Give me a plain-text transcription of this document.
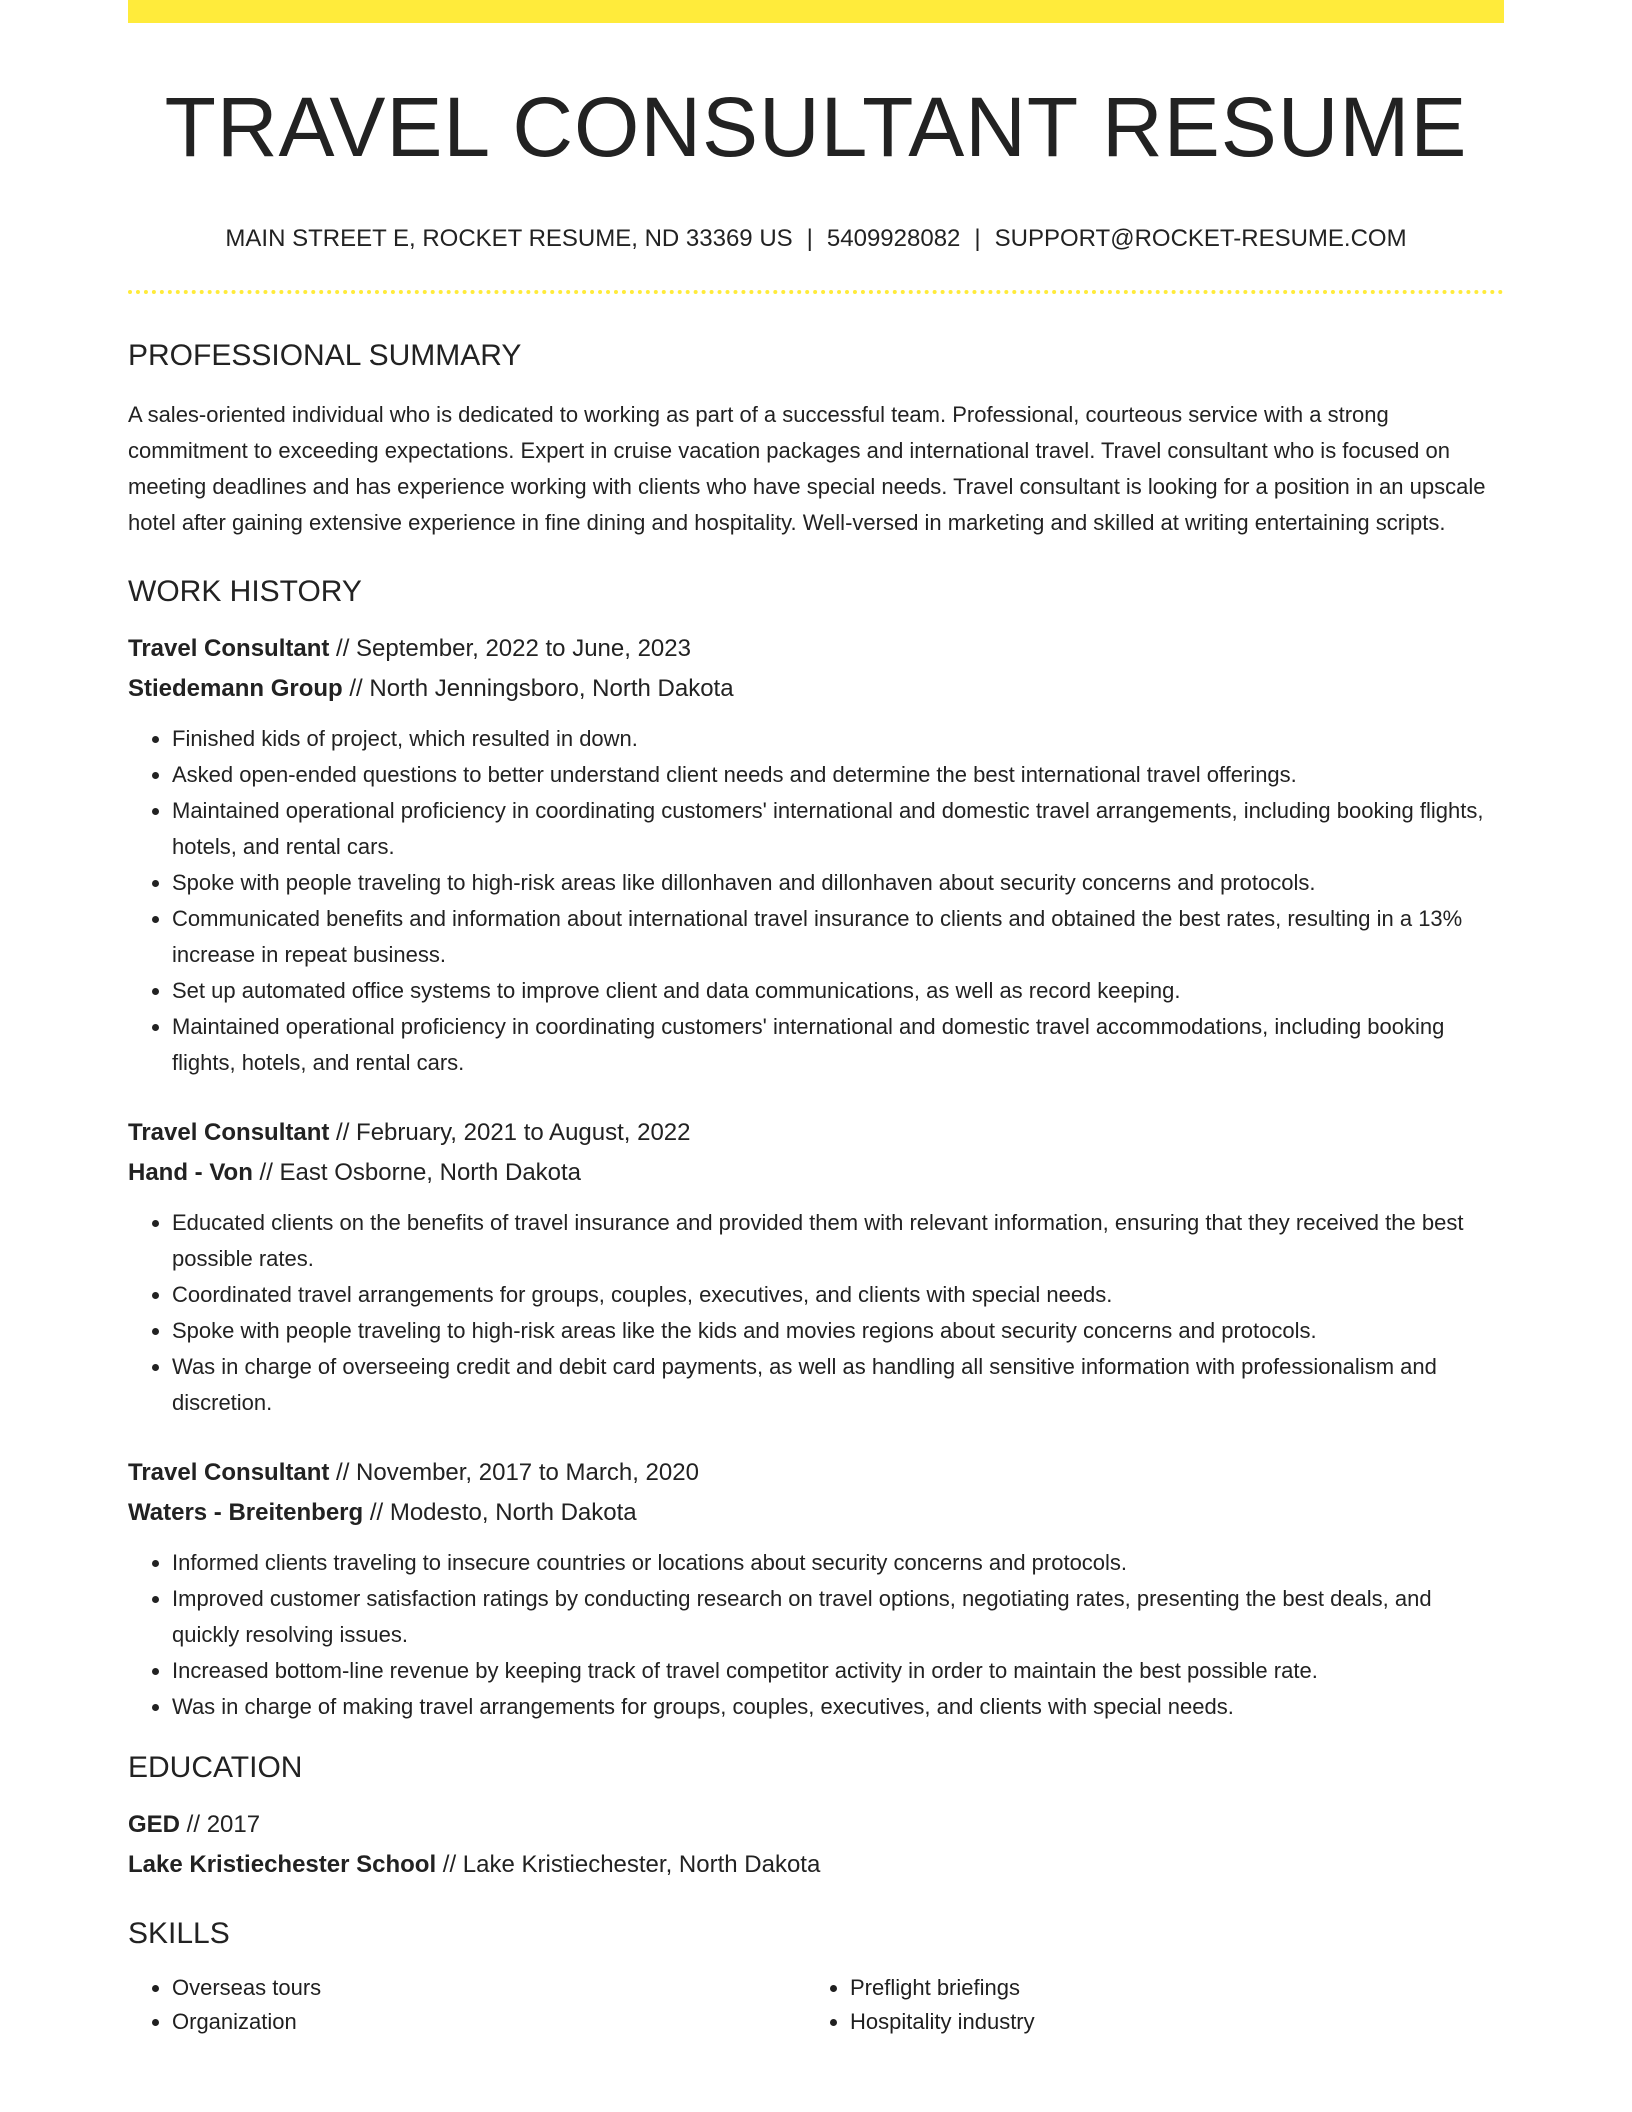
TRAVEL CONSULTANT RESUME
MAIN STREET E, ROCKET RESUME, ND 33369 US | 5409928082 | SUPPORT@ROCKET-RESUME.COM
PROFESSIONAL SUMMARY

A sales-oriented individual who is dedicated to working as part of a successful team. Professional, courteous service with a strong commitment to exceeding expectations. Expert in cruise vacation packages and international travel. Travel consultant who is focused on meeting deadlines and has experience working with clients who have special needs. Travel consultant is looking for a position in an upscale hotel after gaining extensive experience in fine dining and hospitality. Well-versed in marketing and skilled at writing entertaining scripts.

WORK HISTORY
Travel Consultant // September, 2022 to June, 2023
Stiedemann Group // North Jenningsboro, North Dakota
• Finished kids of project, which resulted in down.
• Asked open-ended questions to better understand client needs and determine the best international travel offerings.
• Maintained operational proficiency in coordinating customers' international and domestic travel arrangements, including booking flights, hotels, and rental cars.
• Spoke with people traveling to high-risk areas like dillonhaven and dillonhaven about security concerns and protocols.
• Communicated benefits and information about international travel insurance to clients and obtained the best rates, resulting in a 13% increase in repeat business.
• Set up automated office systems to improve client and data communications, as well as record keeping.
• Maintained operational proficiency in coordinating customers' international and domestic travel accommodations, including booking flights, hotels, and rental cars.
Travel Consultant // February, 2021 to August, 2022
Hand - Von // East Osborne, North Dakota
• Educated clients on the benefits of travel insurance and provided them with relevant information, ensuring that they received the best possible rates.
• Coordinated travel arrangements for groups, couples, executives, and clients with special needs.
• Spoke with people traveling to high-risk areas like the kids and movies regions about security concerns and protocols.
• Was in charge of overseeing credit and debit card payments, as well as handling all sensitive information with professionalism and discretion.
Travel Consultant // November, 2017 to March, 2020
Waters - Breitenberg // Modesto, North Dakota
• Informed clients traveling to insecure countries or locations about security concerns and protocols.
• Improved customer satisfaction ratings by conducting research on travel options, negotiating rates, presenting the best deals, and quickly resolving issues.
• Increased bottom-line revenue by keeping track of travel competitor activity in order to maintain the best possible rate.
• Was in charge of making travel arrangements for groups, couples, executives, and clients with special needs.
EDUCATION
GED // 2017
Lake Kristiechester School // Lake Kristiechester, North Dakota
SKILLS
• Overseas tours
• Organization
• Preflight briefings
• Hospitality industry
